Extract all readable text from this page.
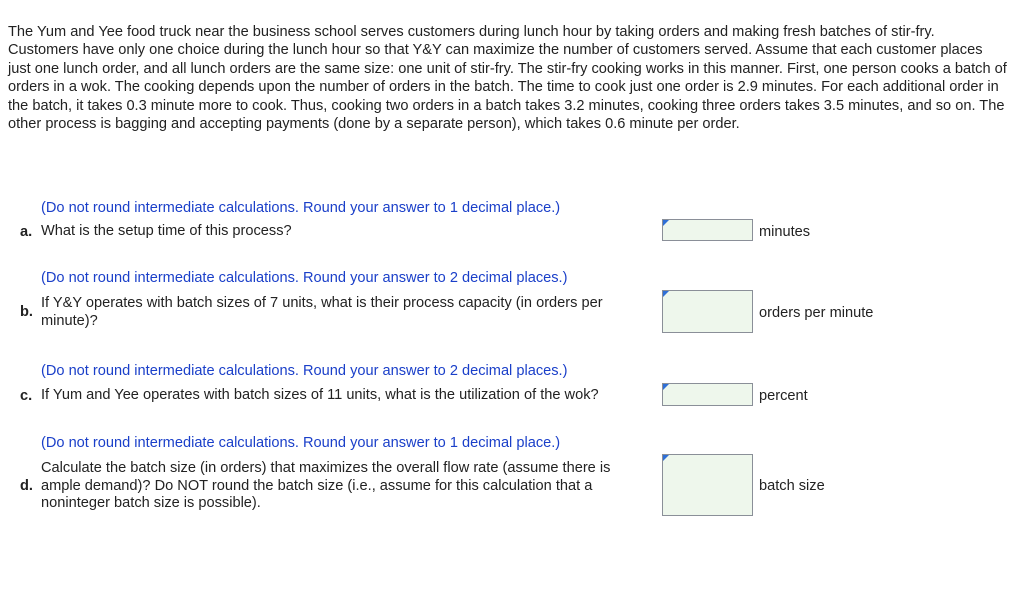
The Yum and Yee food truck near the business school serves customers during lunch hour by taking orders and making fresh batches of stir-fry. Customers have only one choice during the lunch hour so that Y&Y can maximize the number of customers served. Assume that each customer places just one lunch order, and all lunch orders are the same size: one unit of stir-fry. The stir-fry cooking works in this manner. First, one person cooks a batch of orders in a wok. The cooking depends upon the number of orders in the batch. The time to cook just one order is 2.9 minutes. For each additional order in the batch, it takes 0.3 minute more to cook. Thus, cooking two orders in a batch takes 3.2 minutes, cooking three orders takes 3.5 minutes, and so on. The other process is bagging and accepting payments (done by a separate person), which takes 0.6 minute per order.

(Do not round intermediate calculations. Round your answer to 1 decimal place.)
a. What is the setup time of this process?	minutes
(Do not round intermediate calculations. Round your answer to 2 decimal places.)
b.
If Y&Y operates with batch sizes of 7 units, what is their process capacity (in orders per minute)?	orders per minute
(Do not round intermediate calculations. Round your answer to 2 decimal places.)
c. If Yum and Yee operates with batch sizes of 11 units, what is the utilization of the wok?	percent
(Do not round intermediate calculations. Round your answer to 1 decimal place.)
d.
Calculate the batch size (in orders) that maximizes the overall flow rate (assume there is ample demand)? Do NOT round the batch size (i.e., assume for this calculation that a noninteger batch size is possible).
batch size
